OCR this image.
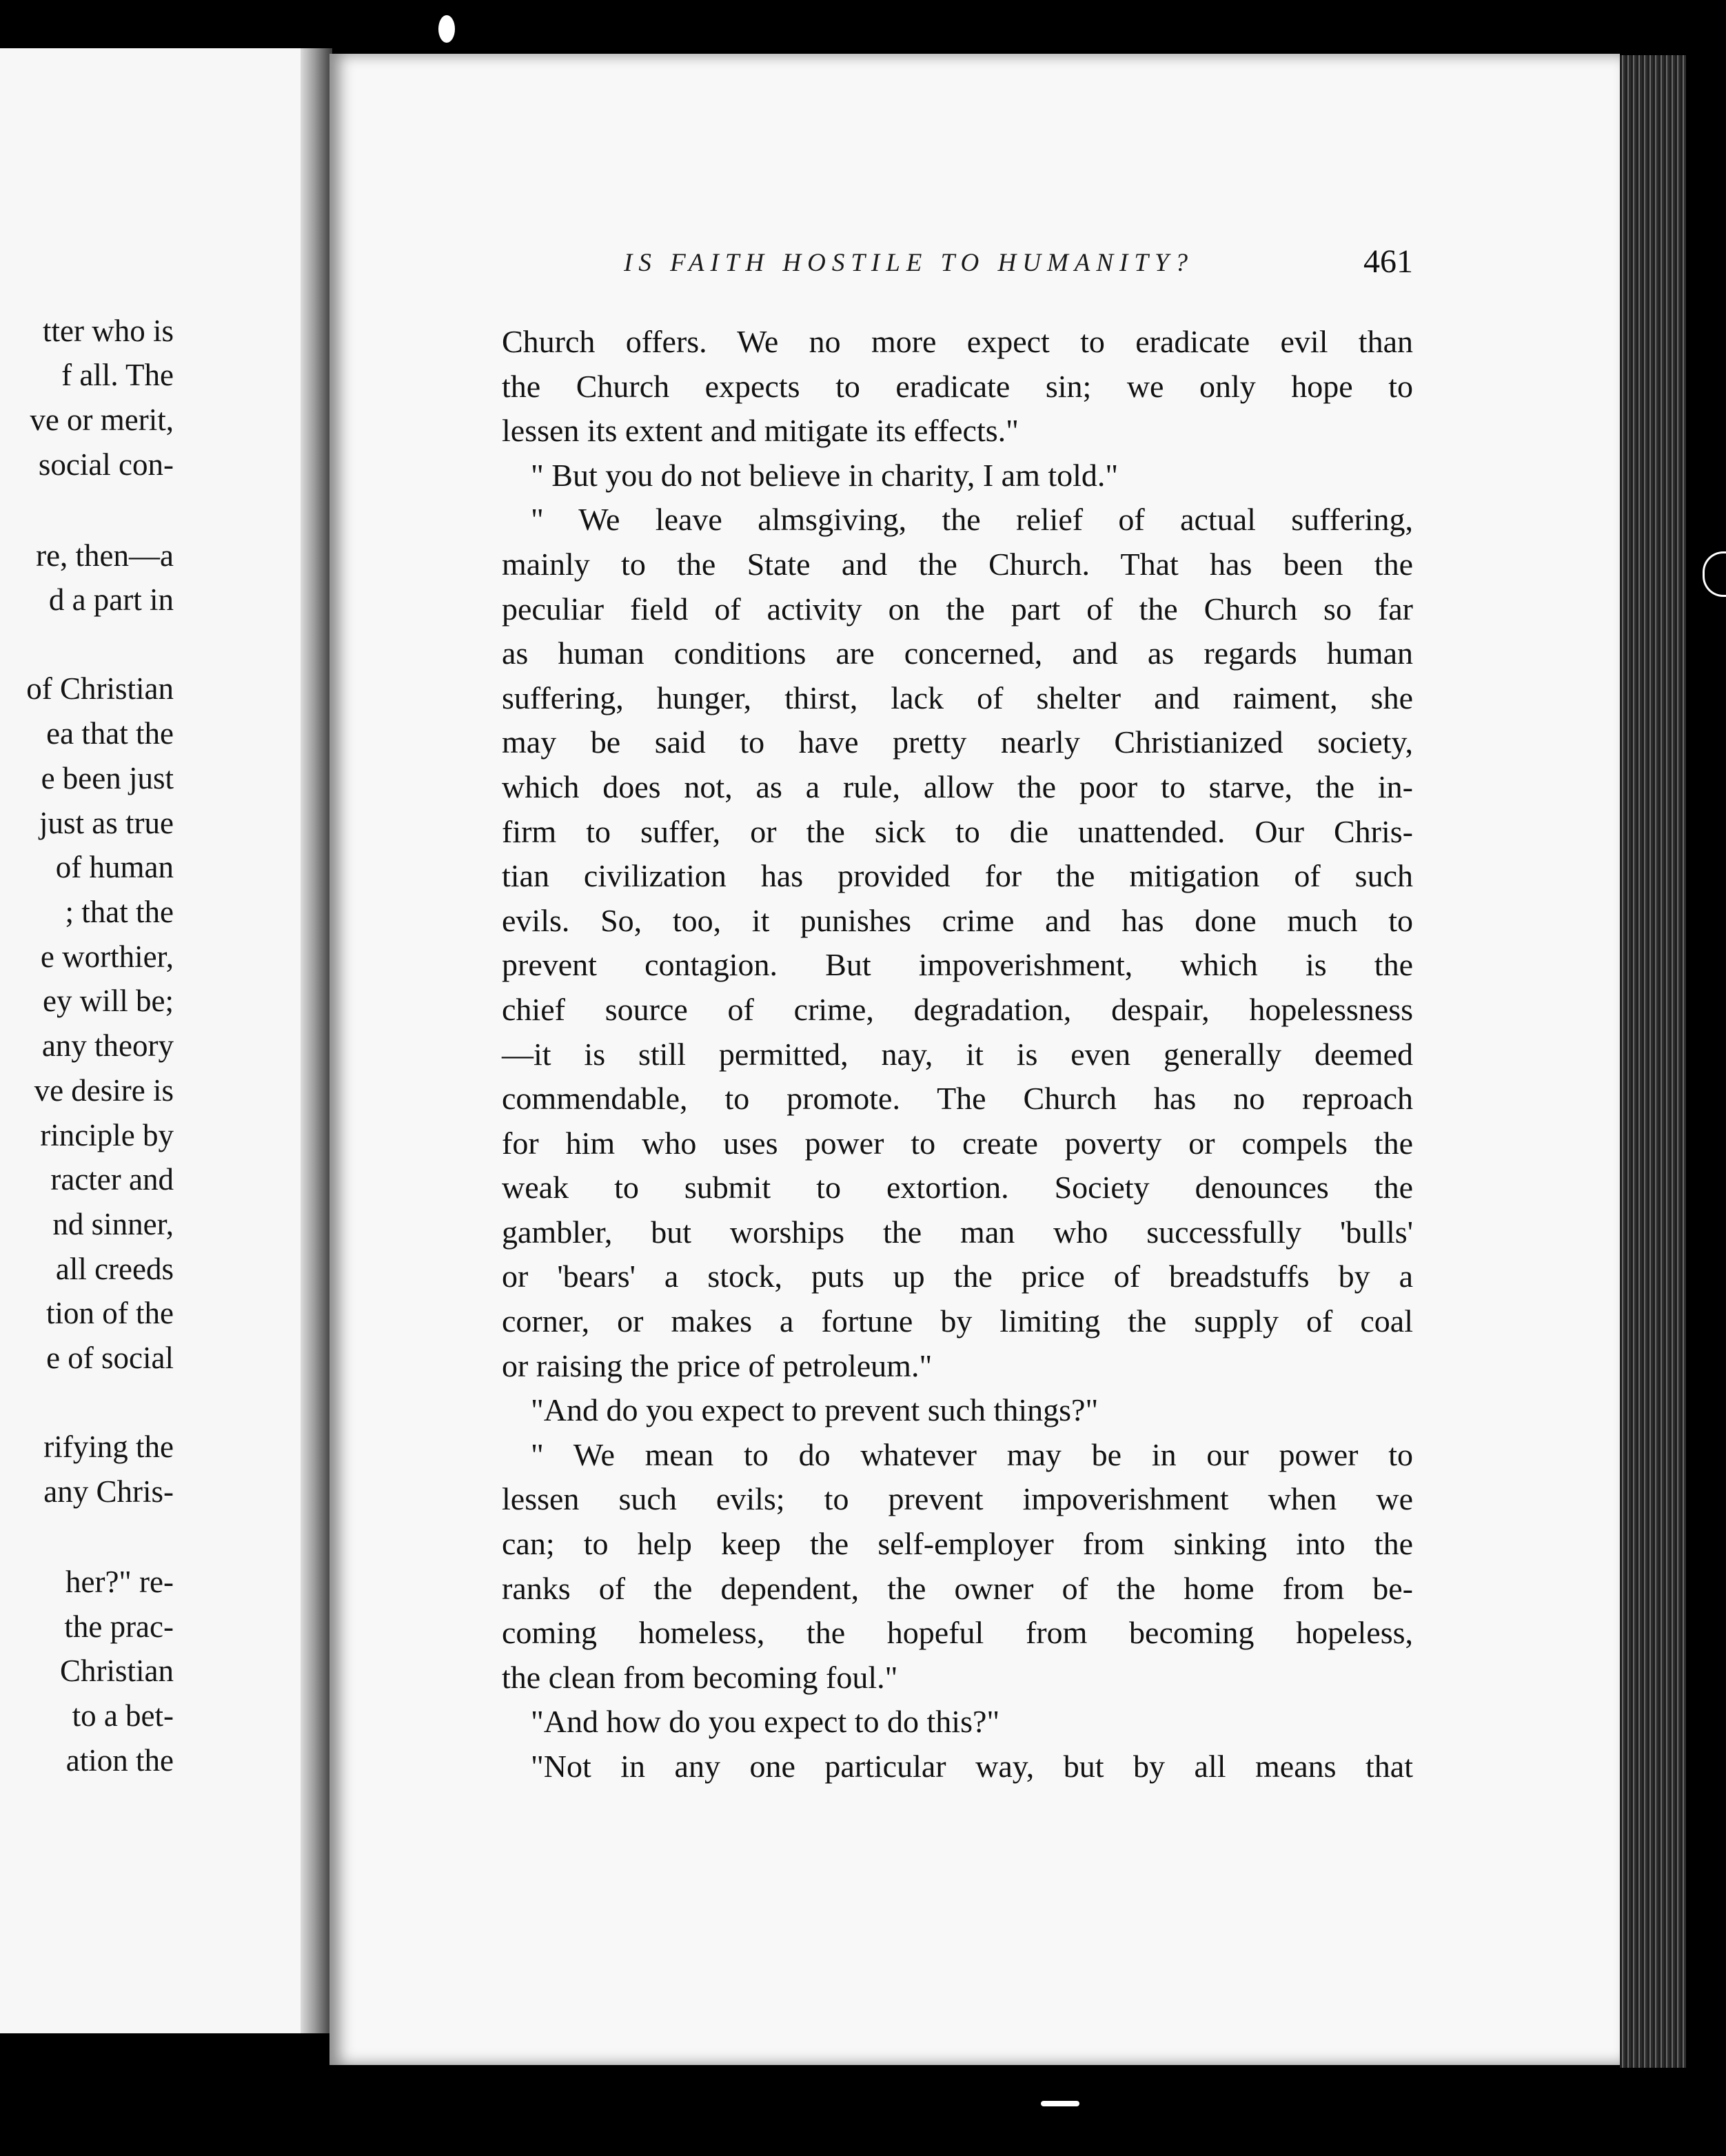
tter who is
f all. The
ve or merit,
social con-
re, then—a
d a part in
of Christian
ea that the
e been just
just as true
of human
; that the
e worthier,
ey will be;
any theory
ve desire is
rinciple by
racter and
nd sinner,
all creeds
tion of the
e of social
rifying the
any Chris-
her?" re-
the prac-
Christian
to a bet-
ation the
IS FAITH HOSTILE TO HUMANITY?	461
Church offers. We no more expect to eradicate evil than
the Church expects to eradicate sin; we only hope to
lessen its extent and mitigate its effects."
" But you do not believe in charity, I am told."
" We leave almsgiving, the relief of actual suffering,
mainly to the State and the Church. That has been the
peculiar field of activity on the part of the Church so far
as human conditions are concerned, and as regards human
suffering, hunger, thirst, lack of shelter and raiment, she
may be said to have pretty nearly Christianized society,
which does not, as a rule, allow the poor to starve, the in-
firm to suffer, or the sick to die unattended. Our Chris-
tian civilization has provided for the mitigation of such
evils. So, too, it punishes crime and has done much to
prevent contagion. But impoverishment, which is the
chief source of crime, degradation, despair, hopelessness
—it is still permitted, nay, it is even generally deemed
commendable, to promote. The Church has no reproach
for him who uses power to create poverty or compels the
weak to submit to extortion. Society denounces the
gambler, but worships the man who successfully 'bulls'
or 'bears' a stock, puts up the price of breadstuffs by a
corner, or makes a fortune by limiting the supply of coal
or raising the price of petroleum."
"And do you expect to prevent such things?"
" We mean to do whatever may be in our power to
lessen such evils; to prevent impoverishment when we
can; to help keep the self-employer from sinking into the
ranks of the dependent, the owner of the home from be-
coming homeless, the hopeful from becoming hopeless,
the clean from becoming foul."
"And how do you expect to do this?"
"Not in any one particular way, but by all means that
